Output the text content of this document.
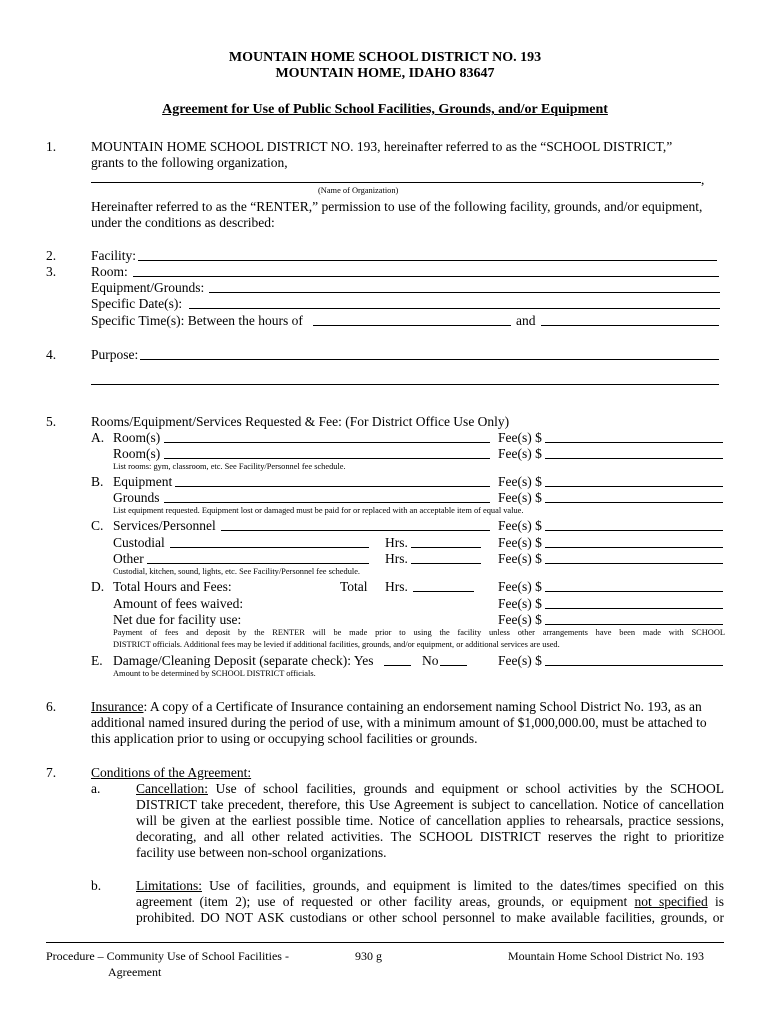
MOUNTAIN HOME SCHOOL DISTRICT NO. 193
MOUNTAIN HOME, IDAHO 83647
Agreement for Use of Public School Facilities, Grounds, and/or Equipment
1.	MOUNTAIN HOME SCHOOL DISTRICT NO. 193, hereinafter referred to as the “SCHOOL DISTRICT,”
grants to the following organization,
,
(Name of Organization)
Hereinafter referred to as the “RENTER,” permission to use of the following facility, grounds, and/or equipment,
under the conditions as described:
2.	Facility:
3.	Room:
Equipment/Grounds:
Specific Date(s):
Specific Time(s): Between the hours of	and
4.	Purpose:
5.	Rooms/Equipment/Services Requested & Fee: (For District Office Use Only)
A. Room(s)	Fee(s) $
Room(s)	Fee(s) $
List rooms: gym, classroom, etc. See Facility/Personnel fee schedule.
B. Equipment	Fee(s) $
Grounds	Fee(s) $
List equipment requested. Equipment lost or damaged must be paid for or replaced with an acceptable item of equal value.
C. Services/Personnel	Fee(s) $
Custodial	Hrs.	Fee(s) $
Other	Hrs.	Fee(s) $
Custodial, kitchen, sound, lights, etc. See Facility/Personnel fee schedule.
D. Total Hours and Fees:	Total Hrs.	Fee(s) $
Amount of fees waived:	Fee(s) $
Net due for facility use:	Fee(s) $
Payment of fees and deposit by the RENTER will be made prior to using the facility unless other arrangements have been made with SCHOOL
DISTRICT officials. Additional fees may be levied if additional facilities, grounds, and/or equipment, or additional services are used.
E. Damage/Cleaning Deposit (separate check): Yes	No	Fee(s) $
Amount to be determined by SCHOOL DISTRICT officials.
6.	Insurance: A copy of a Certificate of Insurance containing an endorsement naming School District No. 193, as an
additional named insured during the period of use, with a minimum amount of $1,000,000.00, must be attached to
this application prior to using or occupying school facilities or grounds.
7.	Conditions of the Agreement:
a.	Cancellation: Use of school facilities, grounds and equipment or school activities by the SCHOOL
DISTRICT take precedent, therefore, this Use Agreement is subject to cancellation. Notice of cancellation
will be given at the earliest possible time. Notice of cancellation applies to rehearsals, practice sessions,
decorating, and all other related activities. The SCHOOL DISTRICT reserves the right to prioritize
facility use between non-school organizations.
b.	Limitations: Use of facilities, grounds, and equipment is limited to the dates/times specified on this
agreement (item 2); use of requested or other facility areas, grounds, or equipment not specified is
prohibited. DO NOT ASK custodians or other school personnel to make available facilities, grounds, or
Procedure – Community Use of School Facilities -
Agreement
930 g	Mountain Home School District No. 193
